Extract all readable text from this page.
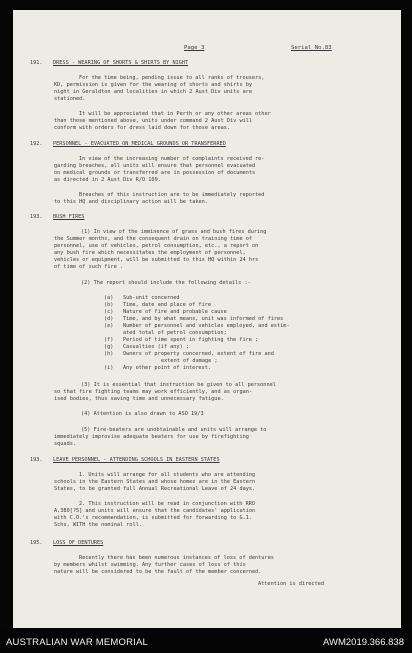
Page 3	Serial No.83
191. DRESS - WEARING OF SHORTS & SHIRTS BY NIGHT
For the time being, pending issue to all ranks of trousers,
KD, permission is given for the wearing of shorts and shirts by
night in Geraldton and localities in which 2 Aust Div units are
stationed.
It will be appreciated that in Perth or any other areas other
than those mentioned above, units under command 2 Aust Div will
conform with orders for dress laid down for those areas.
192. PERSONNEL - EVACUATED ON MEDICAL GROUNDS OR TRANSFERRED
In view of the increasing number of complaints received re-
garding breaches, all units will ensure that personnel evacuated
on medical grounds or transferred are in possession of documents
as directed in 2 Aust Div R/O 109.
Breaches of this instruction are to be immediately reported
to this HQ and disciplinary action will be taken.
193. BUSH FIRES
(1) In view of the imminence of grass and bush fires during
the Summer months, and the consequent drain on training time of
personnel, use of vehicles, petrol consumption, etc., a report on
any bush fire which necessitates the employment of personnel,
vehicles or equipment, will be submitted to this HQ within 24 hrs
of time of such fire .
(2) The report should include the following details :-
(a) Sub-unit concerned
(b) Time, date and place of fire
(c) Nature of fire and probable cause
(d) Time, and by what means, unit was informed of fires
(e) Number of personnel and vehicles employed, and estim-
ated total of petrol consumption;
(f) Period of time spent in fighting the fire ;
(g) Casualties (if any) ;
(h) Owners of property concerned, extent of fire and
extent of damage ;
(i) Any other point of interest.
(3) It is essential that instruction be given to all personnel
so that fire fighting teams may work efficiently, and as organ-
ised bodies, thus saving time and unnecessary fatigue.
(4) Attention is also drawn to ASO 19/3
(5) Fire-beaters are unobtainable and units will arrange to
immediately improvise adequate beaters for use by firefighting
squads.
193. LEAVE PERSONNEL - ATTENDING SCHOOLS IN EASTERN STATES
1. Units will arrange for all students who are attending
schools in the Eastern States and whose homes are in the Eastern
States, to be granted full Annual Recreational Leave of 24 days.
2. This instruction will be read in conjunction with RRO
A.380[?5] and units will ensure that the candidates' application
with C.O.'s recommendation, is submitted for forwarding to G.1.
Schs, WITH the nominal roll.
195. LOSS OF DENTURES
Recently there has been numerous instances of loss of dentures
by members whilst swimming. Any further cases of loss of this
nature will be considered to be the fault of the member concerned.
Attention is directed
AUSTRALIAN WAR MEMORIAL	AWM2019.366.838
